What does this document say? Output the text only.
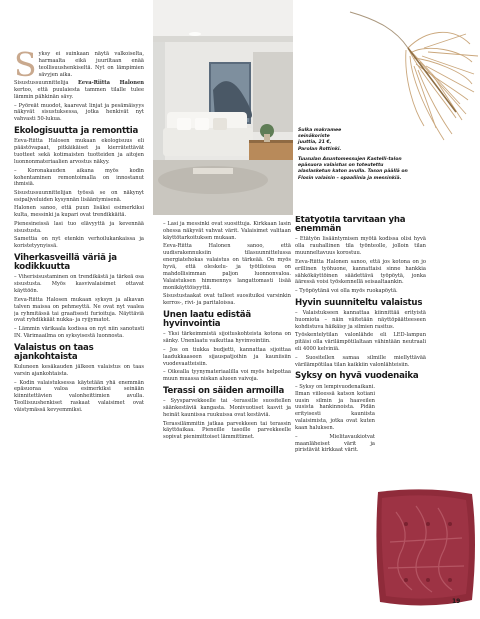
Sulka makramee seinäkoriste juuttia, 21 €, Parolan Rottinki.
Tuusulan Asuntomessujen Kastelli-talon epäsuora valaistus on toteutettu alaslasketun katon avulla. Tason päällä on Flosin valaisin – opaaliinia ja messinkiä.

Syksy ei suinkaan näytä valkoiselta, harmaalta eikä juuriltaan enää teollisuushenkiseltä. Nyt on lämpimien sävyjen aika.

Sisustussuunnittelija Eeva-Riitta Halonen kertoo, että puulaiesta tammen tilalle tulee lämmin pähkinän sävy.

– Pyöreät muodot, kaarevat linjat ja pesämäisyys näkyvät sisustuksessa, jotka henkivät nyt vahvasti 50-lukua.

Ekologisuutta ja remonttia

Eeva-Riitta Halosen mukaan ekologisuus eli päästövapaat, pitkäikäiset ja kierrätettävät tuotteet sekä kotimaisten tuotteiden ja aitojen luonnonmateriaalien arvostus näkyy.

– Koronakauden aikana myös kodin kohentaminen remontoimalla on innostanut ihmisiä.

Sisustussuunnittelijan työssä se on näkynyt esipaljveluiden kysynnän lisääntymisenä.

Halonen sanoo, että puun lisäksi esimerkiksi kulta, messinki ja kupari ovat trendikkäitä.

Pienesineissä lasi tuo elävyyttä ja kevennää sisustusta.

Samettia on nyt etenkin verhoilukankaissa ja koristetyynyissä.

Viherkasveillä väriä ja kodikkuutta

– Viherisisustaminen on trendikästä ja tärkeä osa sisustusta. Myös kasvivalaisimet ottavat käyttöön.

Eeva-Riitta Halosen mukaan syksyn ja alkavan talven maissa on pehmeyttä. Ne ovat nyt vaalea ja ryhmitässä tai graafisesti furioituja. Näyttäviä ovat ryhdikkäät nukka- ja ryijymatot.

– Lämmin värikaala kodissa on nyt niin sanotusti IN. Värimaailma on syksyisestä luonnosta.

Valaistus on taas ajankohtaista

Kuluneen kesäkauden jälkeen valaistus on taas varsin ajankohtaista.

– Kodin valaistuksessa käytetään yhä enemmän epäsuoraa valoa esimerkiksi seinään kiinnitettävien valonheittimien avulla. Teollisuushenkiset raskaat valaisimet ovat väistymässä kevyemmiksi.

– Lasi ja messinki ovat suosittuja. Kirkkaan lasin ohessa näkyvät vahvat värit. Valaisimet valitaan käyttötarkoituksen mukaan.

Eeva-Riitta Halonen sanoo, että uudisrakennuksiin tilasuunnittelussa energiatehokas valaistus on tärkeää. On myös hyvä, että oleskelu- ja työtiloissa on mahdollisimman paljon luonnonvaloa. Valaistuksen himmennys langattomasti lisää monikäyttöisyyttä.

Sisustustaakat ovat tulleet suosituiksi varsinkin kerros-, rivi- ja paritaloissa.

Unen laatu edistää hyvinvointia

– Yksi tärkeimmistä sijoituskohteista kotona on sänky. Unenlaatu vaikuttaa hyvinvointiin.

– Jos on tiukka budjetti, kannattaa sijoittaa laadukkaaseen sijauspatjoihin ja kauniisiin vuodevaatteisiin.

– Oikealla tyynymateriaalilla voi myös helpottaa muun muassa niskan alueen vaivoja.

Terassi on säiden armoilla

– Syysparvekkeelle tai -terassille suositellen säänkestäviä kangasta. Monivuotiset kasvit ja heinät kauniissa ruukuissa ovat kestäviä.

Terassilämmitin jatkaa parvekkeen tai terassin käyttöaikaa. Pieneille tasoille parvekkeelle sopivat pienimittoiset lämmittimet.

Etätyötila tarvitaan yhä enemmän

– Etätyön lisääntymisen myötä kodissa olisi hyvä olla rauhallinen tila työnteolle, jolloin tilan muunneltavuus korostuu.

Eeva-Riitta Halonen sanoo, että jos kotona on jo erillinen työhuone, kannattaisi sinne hankkia sähkökäyttöinen säädettävä työpöytä, jonka ääressä voisi työskennellä seisaaltaankin.

– Työpöytänä voi olla myös ruokapöytä.

Hyvin suunniteltu valaistus

– Valaistukseen kannattaa kiinnittää erityistä huomiota – näin väitetään näyttöpäätteeseen kohdistuva häikäisy ja silmien rasitus.

Työskentelytilan valonlähde eli LED-lampun pitäisi olla värilämpötilaltaan vähintään neutraali eli 4000 kelviniä.

– Suositellen samaa silmille miellyttävää värilämpötilaa tilan kaikkiin valonlähteisiin.

Syksy on hyvä vuodenaika

– Syksy on lempivuodenaikani. Ilman viileessä katson kotiani uusin silmin ja haaveilen uusista hankinnoista. Pidän erityisesti kauniista valaisimista, jotka ovat kuten kaan haluksen.

– Mielitavaukiotvat maanläheiset värit ja piristävät kirkkaat värit.

19
